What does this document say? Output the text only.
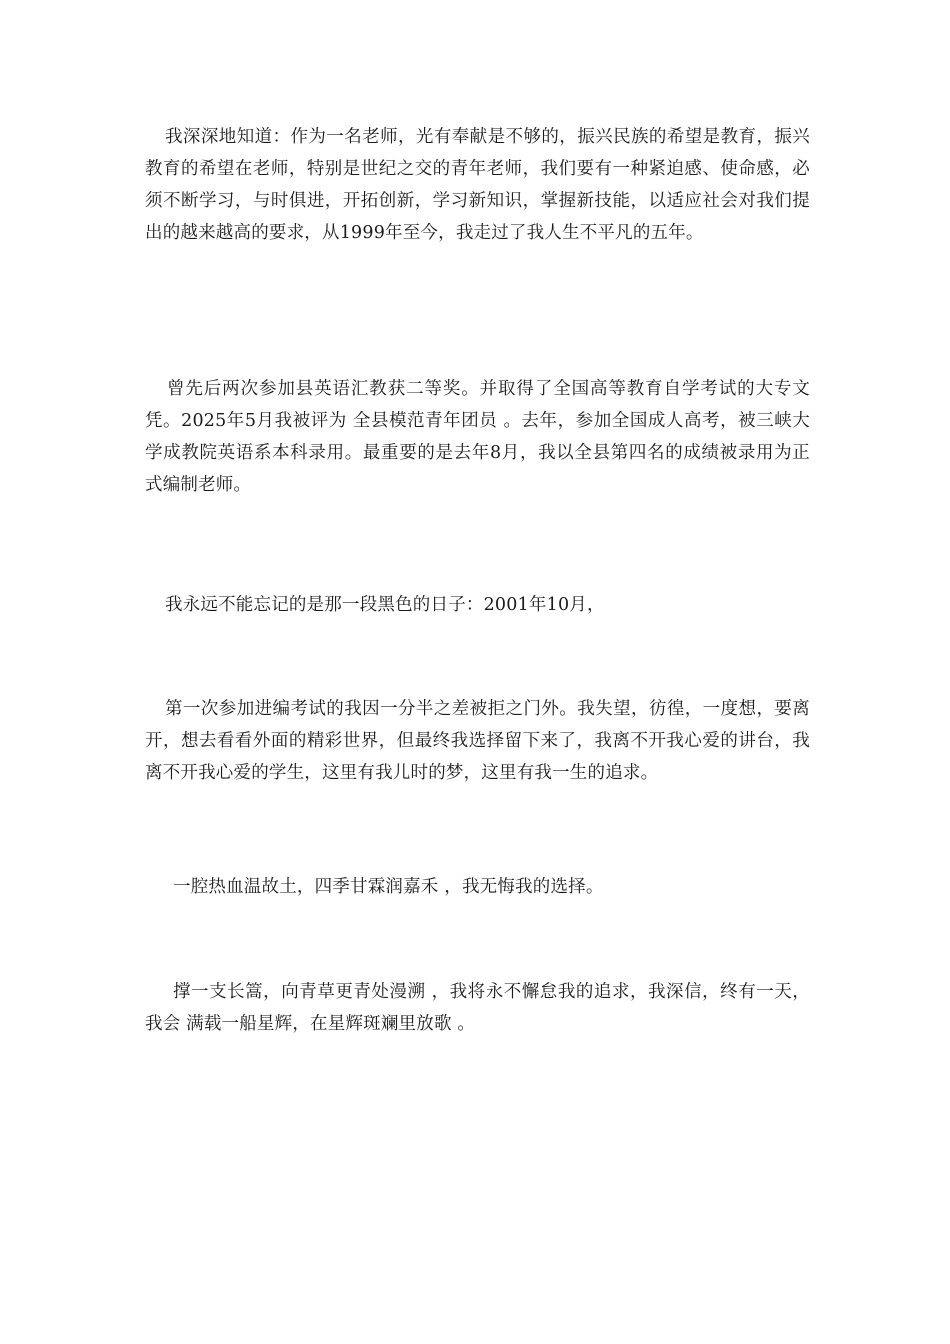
我深深地知道：作为一名老师，光有奉献是不够的，振兴民族的希望是教育，振兴教育的希望在老师，特别是世纪之交的青年老师，我们要有一种紧迫感、使命感，必须不断学习，与时俱进，开拓创新，学习新知识，掌握新技能，以适应社会对我们提出的越来越高的要求，从1999年至今，我走过了我人生不平凡的五年。

曾先后两次参加县英语汇教获二等奖。并取得了全国高等教育自学考试的大专文凭。2025年5月我被评为 全县模范青年团员 。去年，参加全国成人高考，被三峡大学成教院英语系本科录用。最重要的是去年8月，我以全县第四名的成绩被录用为正式编制老师。

我永远不能忘记的是那一段黑色的日子：2001年10月，

第一次参加进编考试的我因一分半之差被拒之门外。我失望，彷徨，一度想，要离开，想去看看外面的精彩世界，但最终我选择留下来了，我离不开我心爱的讲台，我离不开我心爱的学生，这里有我儿时的梦，这里有我一生的追求。

一腔热血温故土，四季甘霖润嘉禾 ，我无悔我的选择。

撑一支长篙，向青草更青处漫溯 ，我将永不懈怠我的追求，我深信，终有一天，我会 满载一船星辉，在星辉斑斓里放歌 。
